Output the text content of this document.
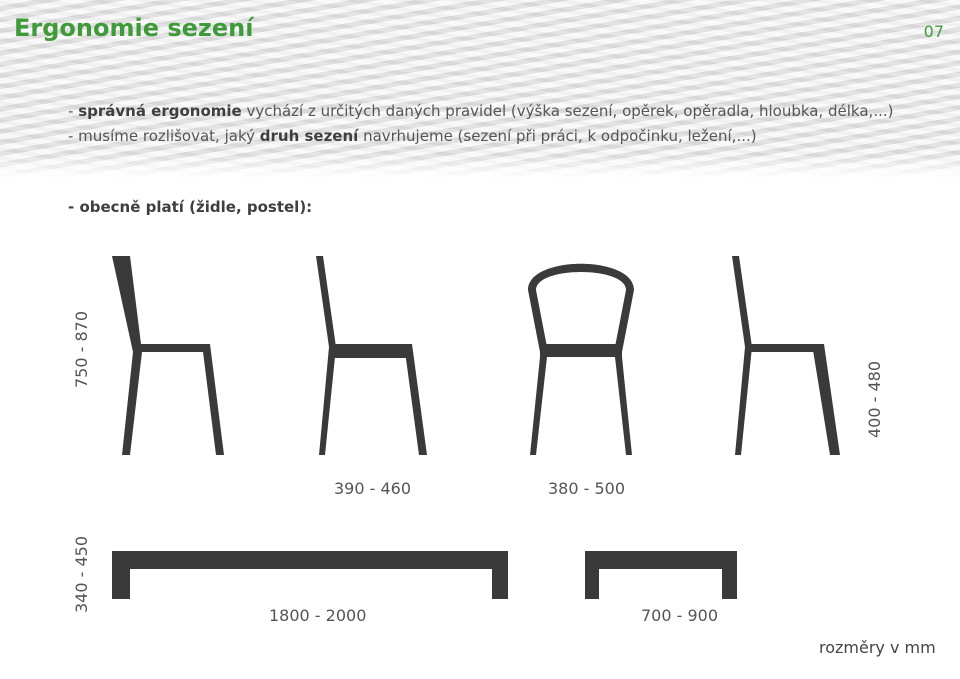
Ergonomie sezení	07
- správná ergonomie vychází z určitých daných pravidel (výška sezení, opěrek, opěradla, hloubka, délka,...)
- musíme rozlišovat, jaký druh sezení navrhujeme (sezení při práci, k odpočinku, ležení,...)
- obecně platí (židle, postel):
750 - 870
400 - 480
390 - 460	380 - 500
340 - 450
1800 - 2000	700 - 900
rozměry v mm
